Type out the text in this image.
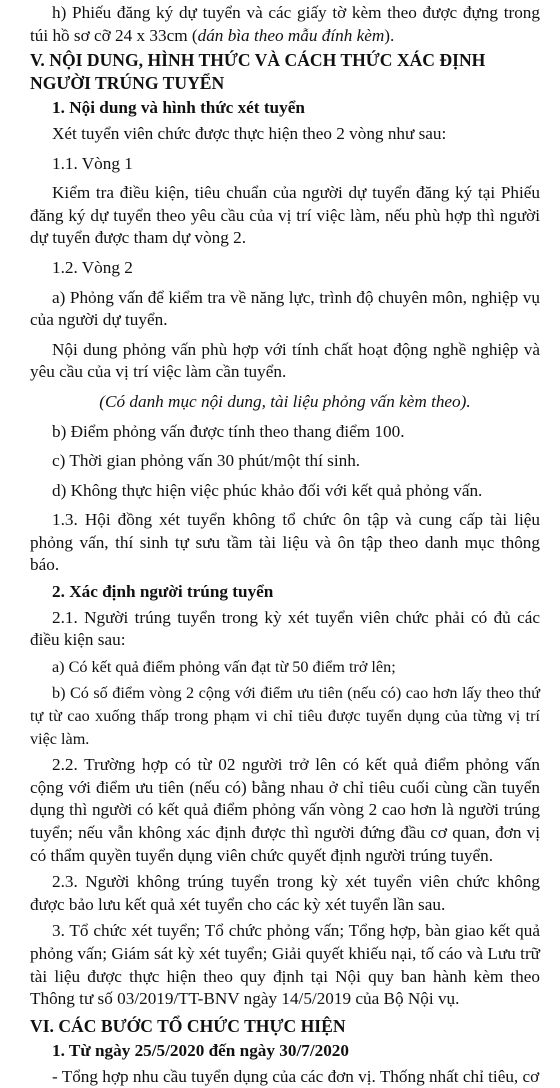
h) Phiếu đăng ký dự tuyển và các giấy tờ kèm theo được đựng trong túi hồ sơ cỡ 24 x 33cm (dán bìa theo mẫu đính kèm).

V. NỘI DUNG, HÌNH THỨC VÀ CÁCH THỨC XÁC ĐỊNH NGƯỜI TRÚNG TUYỂN

1. Nội dung và hình thức xét tuyển

Xét tuyển viên chức được thực hiện theo 2 vòng như sau:

1.1. Vòng 1

Kiểm tra điều kiện, tiêu chuẩn của người dự tuyển đăng ký tại Phiếu đăng ký dự tuyển theo yêu cầu của vị trí việc làm, nếu phù hợp thì người dự tuyển được tham dự vòng 2.

1.2. Vòng 2

a) Phỏng vấn để kiểm tra về năng lực, trình độ chuyên môn, nghiệp vụ của người dự tuyển.

Nội dung phỏng vấn phù hợp với tính chất hoạt động nghề nghiệp và yêu cầu của vị trí việc làm cần tuyển.

(Có danh mục nội dung, tài liệu phỏng vấn kèm theo).

b) Điểm phỏng vấn được tính theo thang điểm 100.

c) Thời gian phỏng vấn 30 phút/một thí sinh.

d) Không thực hiện việc phúc khảo đối với kết quả phỏng vấn.

1.3. Hội đồng xét tuyển không tổ chức ôn tập và cung cấp tài liệu phỏng vấn, thí sinh tự sưu tầm tài liệu và ôn tập theo danh mục thông báo.

2. Xác định người trúng tuyển

2.1. Người trúng tuyển trong kỳ xét tuyển viên chức phải có đủ các điều kiện sau:

a) Có kết quả điểm phỏng vấn đạt từ 50 điểm trở lên;

b) Có số điểm vòng 2 cộng với điểm ưu tiên (nếu có) cao hơn lấy theo thứ tự từ cao xuống thấp trong phạm vi chỉ tiêu được tuyển dụng của từng vị trí việc làm.

2.2. Trường hợp có từ 02 người trở lên có kết quả điểm phỏng vấn cộng với điểm ưu tiên (nếu có) bằng nhau ở chỉ tiêu cuối cùng cần tuyển dụng thì người có kết quả điểm phỏng vấn vòng 2 cao hơn là người trúng tuyển; nếu vẫn không xác định được thì người đứng đầu cơ quan, đơn vị có thẩm quyền tuyển dụng viên chức quyết định người trúng tuyển.

2.3. Người không trúng tuyển trong kỳ xét tuyển viên chức không được bảo lưu kết quả xét tuyển cho các kỳ xét tuyển lần sau.

3. Tổ chức xét tuyển; Tổ chức phỏng vấn; Tổng hợp, bàn giao kết quả phỏng vấn; Giám sát kỳ xét tuyển; Giải quyết khiếu nại, tố cáo và Lưu trữ tài liệu được thực hiện theo quy định tại Nội quy ban hành kèm theo Thông tư số 03/2019/TT-BNV ngày 14/5/2019 của Bộ Nội vụ.

VI. CÁC BƯỚC TỔ CHỨC THỰC HIỆN

1. Từ ngày 25/5/2020 đến ngày 30/7/2020

- Tổng hợp nhu cầu tuyển dụng của các đơn vị. Thống nhất chỉ tiêu, cơ
